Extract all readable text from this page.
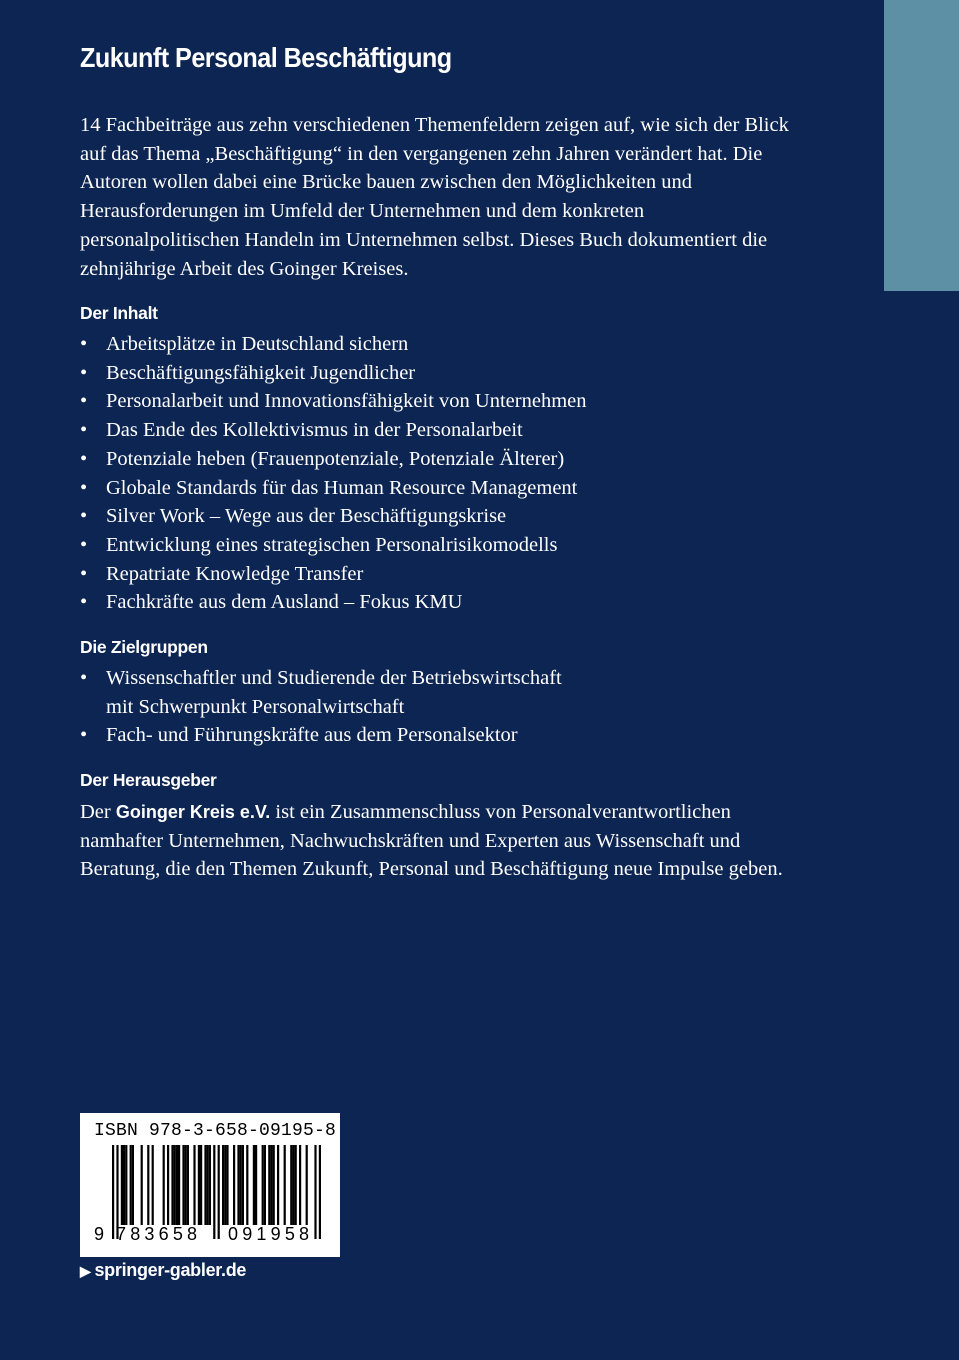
Zukunft Personal Beschäftigung

14 Fachbeiträge aus zehn verschiedenen Themenfeldern zeigen auf, wie sich der Blick auf das Thema „Beschäftigung“ in den vergangenen zehn Jahren verändert hat. Die Autoren wollen dabei eine Brücke bauen zwischen den Möglichkeiten und Herausforderungen im Umfeld der Unternehmen und dem konkreten personalpolitischen Handeln im Unternehmen selbst. Dieses Buch dokumentiert die zehnjährige Arbeit des Goinger Kreises.

Der Inhalt
• Arbeitsplätze in Deutschland sichern
• Beschäftigungsfähigkeit Jugendlicher
• Personalarbeit und Innovationsfähigkeit von Unternehmen
• Das Ende des Kollektivismus in der Personalarbeit
• Potenziale heben (Frauenpotenziale, Potenziale Älterer)
• Globale Standards für das Human Resource Management
• Silver Work – Wege aus der Beschäftigungskrise
• Entwicklung eines strategischen Personalrisikomodells
• Repatriate Knowledge Transfer
• Fachkräfte aus dem Ausland – Fokus KMU
Die Zielgruppen
• Wissenschaftler und Studierende der Betriebswirtschaft
mit Schwerpunkt Personalwirtschaft
• Fach- und Führungskräfte aus dem Personalsektor
Der Herausgeber

Der Goinger Kreis e.V. ist ein Zusammenschluss von Personalverantwortlichen namhafter Unternehmen, Nachwuchskräften und Experten aus Wissenschaft und Beratung, die den Themen Zukunft, Personal und Beschäftigung neue Impulse geben.

ISBN 978-3-658-09195-8
9 783658 091958
▶ springer-gabler.de
